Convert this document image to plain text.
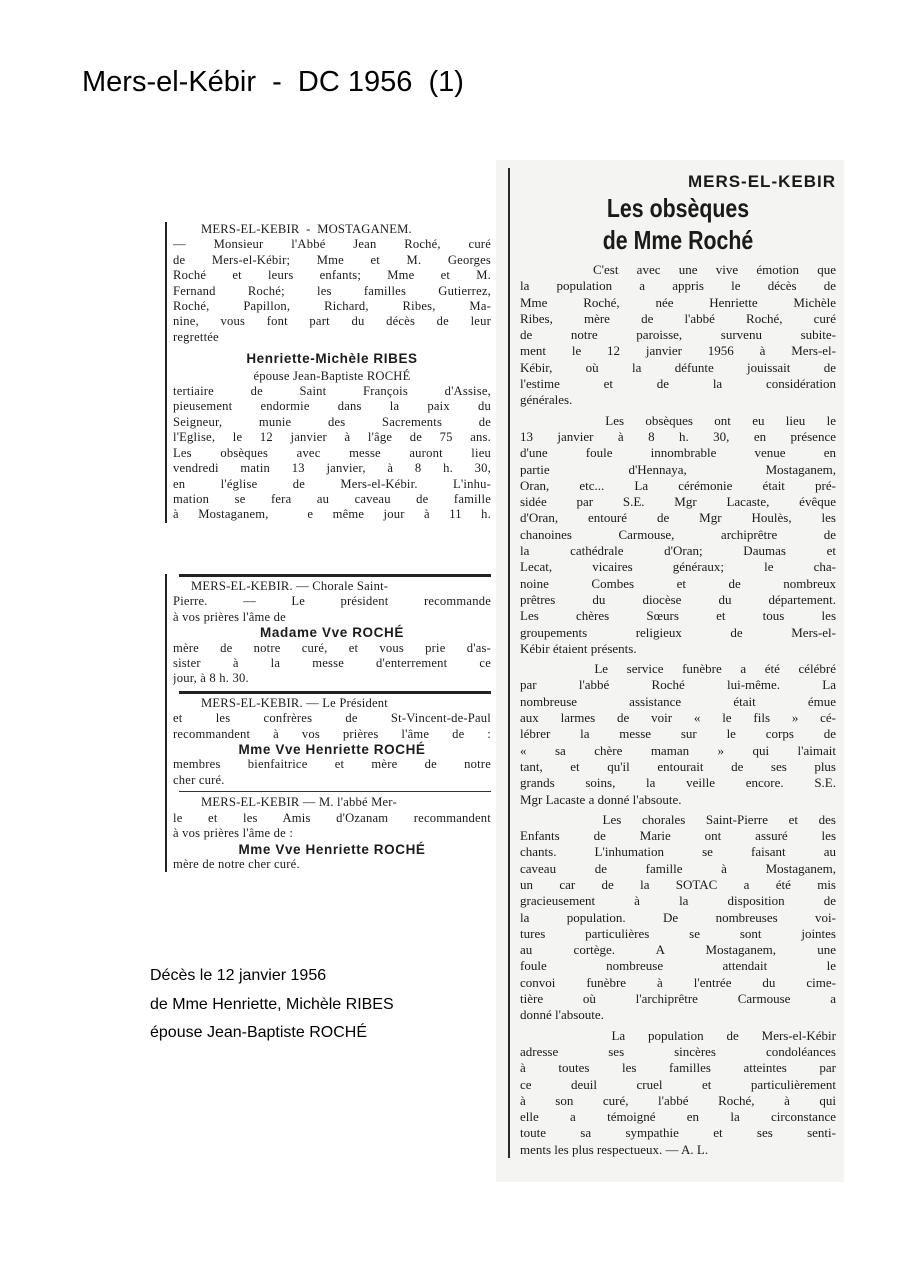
Mers-el-Kébir  -  DC 1956  (1)
MERS-EL-KEBIR  -  MOSTAGANEM.
— Monsieur l'Abbé Jean Roché, curé
de Mers-el-Kébir; Mme et M. Georges
Roché et leurs enfants; Mme et M.
Fernand Roché; les familles Gutierrez,
Roché, Papillon, Richard, Ribes, Ma-
nine, vous font part du décès de leur
regrettée
Henriette-Michèle RIBES
épouse Jean-Baptiste ROCHÉ
tertiaire de Saint François d'Assise,
pieusement endormie dans la paix du
Seigneur, munie des Sacrements de
l'Eglise, le 12 janvier à l'âge de 75 ans.
Les obsèques avec messe auront lieu
vendredi matin 13 janvier, à 8 h. 30,
en l'église de Mers-el-Kébir. L'inhu-
mation se fera au caveau de famille
à Mostaganem,  e même jour à 11 h.
MERS-EL-KEBIR. — Chorale Saint-
Pierre. — Le président recommande
à vos prières l'âme de
Madame Vve ROCHÉ
mère de notre curé, et vous prie d'as-
sister à la messe d'enterrement ce
jour, à 8 h. 30.
MERS-EL-KEBIR. — Le Président
et les confrères de St-Vincent-de-Paul
recommandent à vos prières l'âme de :
Mme Vve Henriette ROCHÉ
membres bienfaitrice et mère de notre
cher curé.
MERS-EL-KEBIR — M. l'abbé Mer-
le et les Amis d'Ozanam recommandent
à vos prières l'âme de :
Mme Vve Henriette ROCHÉ
mère de notre cher curé.
Décès le 12 janvier 1956
de Mme Henriette, Michèle RIBES
épouse Jean-Baptiste ROCHÉ
MERS-EL-KEBIR
Les obsèques
de Mme Roché
C'est avec une vive émotion que
la population a appris le décès de
Mme Roché, née Henriette Michèle
Ribes, mère de l'abbé Roché, curé
de notre paroisse, survenu subite-
ment le 12 janvier 1956 à Mers-el-
Kébir, où la défunte jouissait de
l'estime et de la considération
générales.
Les obsèques ont eu lieu le
13 janvier à 8 h. 30, en présence
d'une foule innombrable venue en
partie d'Hennaya, Mostaganem,
Oran, etc... La cérémonie était pré-
sidée par S.E. Mgr Lacaste, évêque
d'Oran, entouré de Mgr Houlès, les
chanoines Carmouse, archiprêtre de
la cathédrale d'Oran; Daumas et
Lecat, vicaires généraux; le cha-
noine Combes et de nombreux
prêtres du diocèse du département.
Les chères Sœurs et tous les
groupements religieux de Mers-el-
Kébir étaient présents.
Le service funèbre a été célébré
par l'abbé Roché lui-même. La
nombreuse assistance était émue
aux larmes de voir « le fils » cé-
lébrer la messe sur le corps de
« sa chère maman » qui l'aimait
tant, et qu'il entourait de ses plus
grands soins, la veille encore. S.E.
Mgr Lacaste a donné l'absoute.
Les chorales Saint-Pierre et des
Enfants de Marie ont assuré les
chants. L'inhumation se faisant au
caveau de famille à Mostaganem,
un car de la SOTAC a été mis
gracieusement à la disposition de
la population. De nombreuses voi-
tures particulières se sont jointes
au cortège. A Mostaganem, une
foule nombreuse attendait le
convoi funèbre à l'entrée du cime-
tière où l'archiprêtre Carmouse a
donné l'absoute.
La population de Mers-el-Kébir
adresse ses sincères condoléances
à toutes les familles atteintes par
ce deuil cruel et particulièrement
à son curé, l'abbé Roché, à qui
elle a témoigné en la circonstance
toute sa sympathie et ses senti-
ments les plus respectueux. — A. L.
